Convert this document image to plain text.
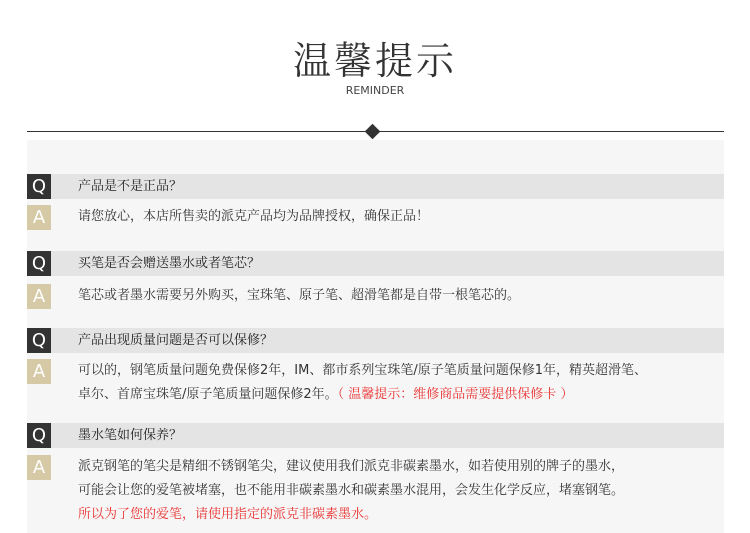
温馨提示
REMINDER
Q	产品是不是正品？
A	请您放心，本店所售卖的派克产品均为品牌授权，确保正品！
Q	买笔是否会赠送墨水或者笔芯？
A	笔芯或者墨水需要另外购买，宝珠笔、原子笔、超滑笔都是自带一根笔芯的。
Q	产品出现质量问题是否可以保修？
A	可以的，钢笔质量问题免费保修2年，IM、都市系列宝珠笔/原子笔质量问题保修1年，精英超滑笔、
卓尔、首席宝珠笔/原子笔质量问题保修2年。（ 温馨提示：维修商品需要提供保修卡 ）
Q	墨水笔如何保养？
A	派克钢笔的笔尖是精细不锈钢笔尖，建议使用我们派克非碳素墨水，如若使用别的牌子的墨水，
可能会让您的爱笔被堵塞，也不能用非碳素墨水和碳素墨水混用，会发生化学反应，堵塞钢笔。
所以为了您的爱笔，请使用指定的派克非碳素墨水。
